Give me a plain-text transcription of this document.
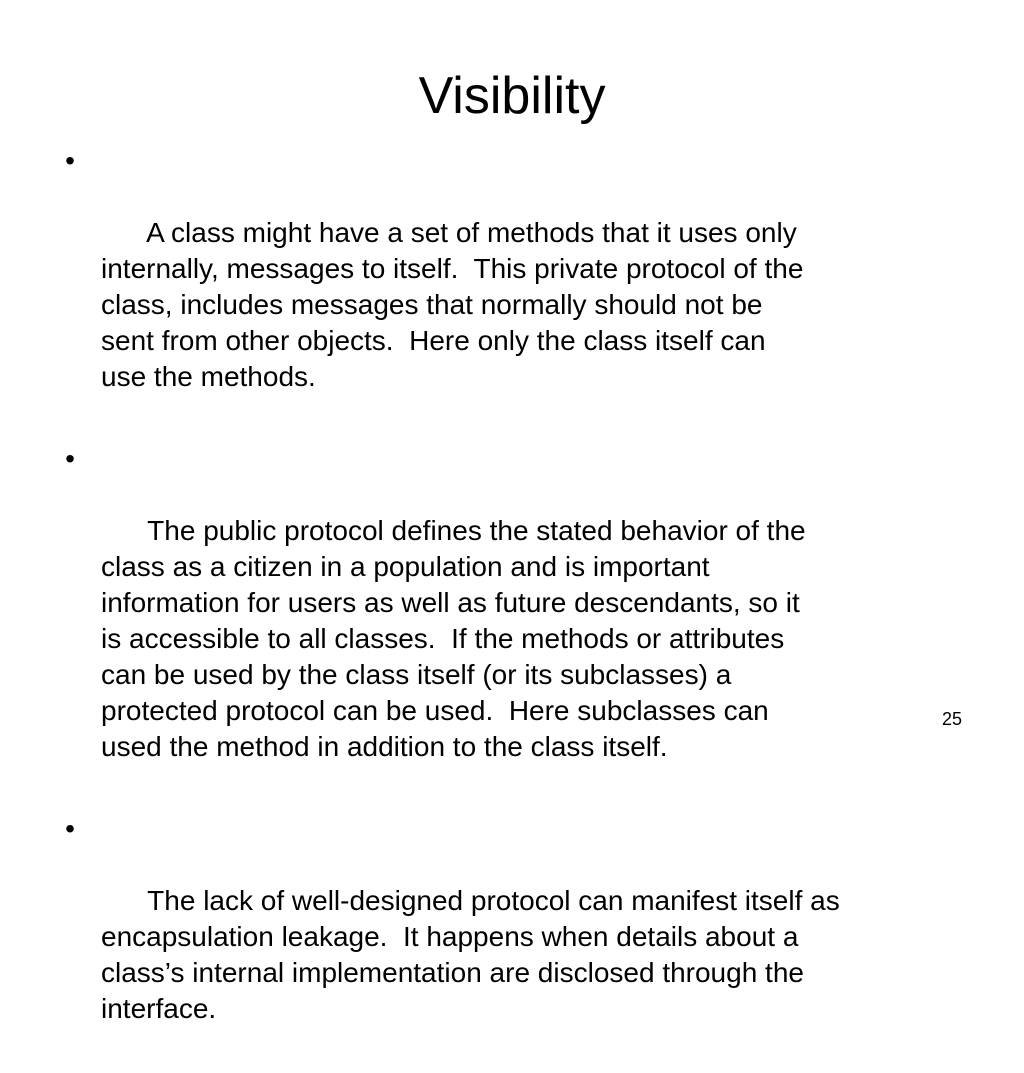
Visibility

•

A class might have a set of methods that it uses only
internally, messages to itself.  This private protocol of the
class, includes messages that normally should not be
sent from other objects.  Here only the class itself can
use the methods.

•

The public protocol defines the stated behavior of the
class as a citizen in a population and is important
information for users as well as future descendants, so it
is accessible to all classes.  If the methods or attributes
can be used by the class itself (or its subclasses) a
protected protocol can be used.  Here subclasses can
used the method in addition to the class itself.

•

The lack of well-designed protocol can manifest itself as
encapsulation leakage.  It happens when details about a
class’s internal implementation are disclosed through the
interface.

25
